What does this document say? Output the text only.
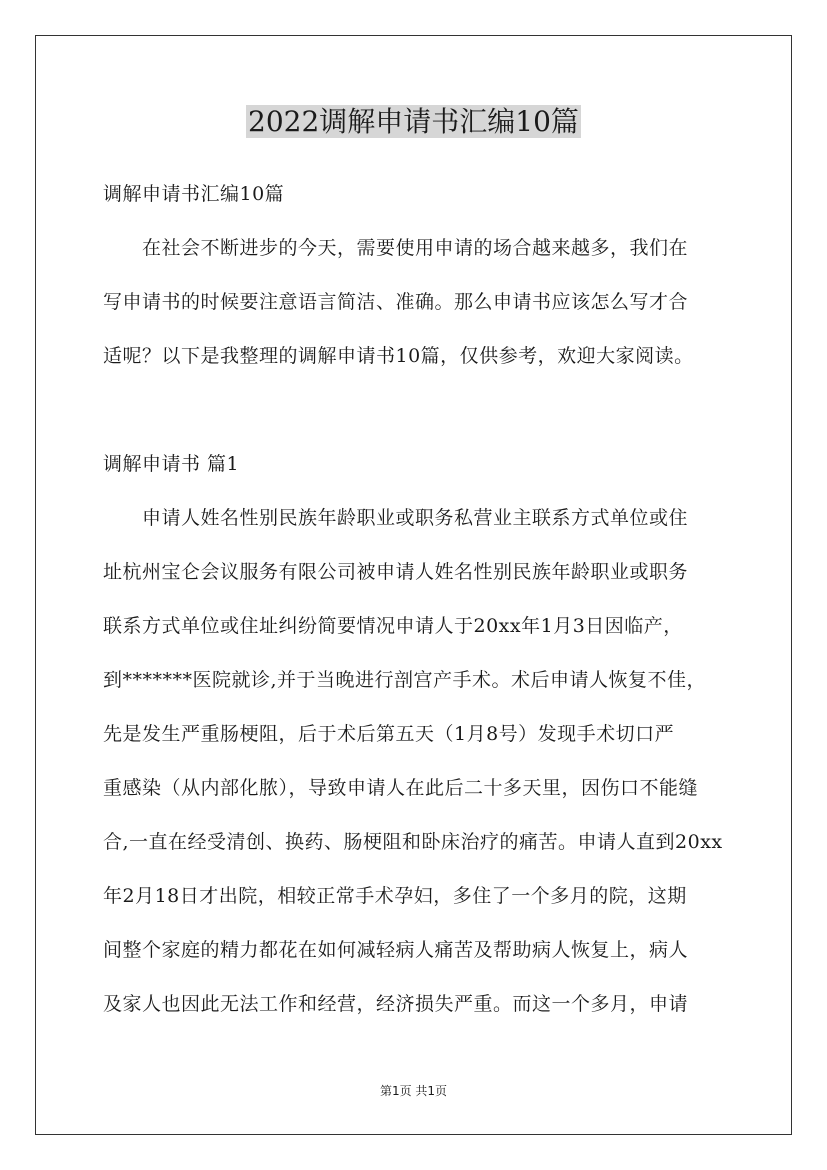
2022调解申请书汇编10篇
调解申请书汇编10篇
在社会不断进步的今天，需要使用申请的场合越来越多，我们在
写申请书的时候要注意语言简洁、准确。那么申请书应该怎么写才合
适呢？以下是我整理的调解申请书10篇，仅供参考，欢迎大家阅读。
调解申请书 篇1
申请人姓名性别民族年龄职业或职务私营业主联系方式单位或住
址杭州宝仑会议服务有限公司被申请人姓名性别民族年龄职业或职务
联系方式单位或住址纠纷简要情况申请人于20xx年1月3日因临产，
到*******医院就诊,并于当晚进行剖宫产手术。术后申请人恢复不佳，
先是发生严重肠梗阻，后于术后第五天（1月8号）发现手术切口严
重感染（从内部化脓），导致申请人在此后二十多天里，因伤口不能缝
合,一直在经受清创、换药、肠梗阻和卧床治疗的痛苦。申请人直到20xx
年2月18日才出院，相较正常手术孕妇，多住了一个多月的院，这期
间整个家庭的精力都花在如何减轻病人痛苦及帮助病人恢复上，病人
及家人也因此无法工作和经营，经济损失严重。而这一个多月，申请
第1页 共1页
